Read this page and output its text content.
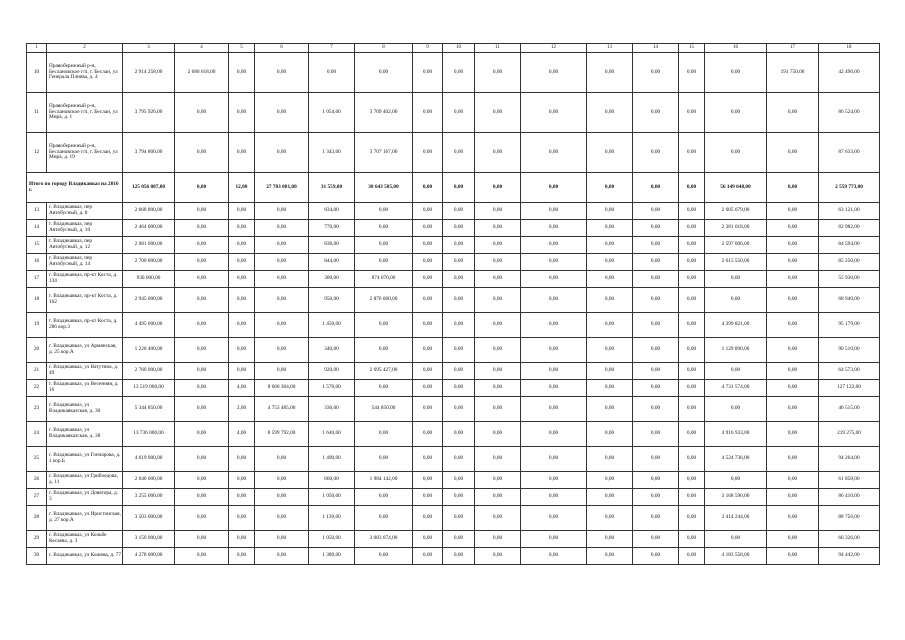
1	2	3	4	5	6	7	8	9	10	11	12	13	14	15	16	17	18
10	Правобережный р-н, Беслановское г/п, г. Беслан, ул Генерала Плиева, д. 4	2 914 258,00	2 680 618,00	0,00	0,00	0,00	0,00	0,00	0,00	0,00	0,00	0,00	0,00	0,00	0,00	191 750,00	42 490,00
11	Правобережный р-н, Беслановское г/п, г. Беслан, ул Мира, д. 1	3 795 926,00	0,00	0,00	0,00	1 054,00	3 709 402,00	0,00	0,00	0,00	0,00	0,00	0,00	0,00	0,00	0,00	86 524,00
12	Правобережный р-н, Беслановское г/п, г. Беслан, ул Мира, д. 19	3 794 800,00	0,00	0,00	0,00	1 343,00	3 707 167,00	0,00	0,00	0,00	0,00	0,00	0,00	0,00	0,00	0,00	87 633,00
Итого по городу Владикавказ на 2016 г.		125 056 087,00	0,00	12,00	27 703 081,00	31 559,00	38 643 585,00	0,00	0,00	0,00	0,00	0,00	0,00	0,00	56 149 648,00	0,00	2 559 773,00
13	г. Владикавказ, пер Автобусный, д. 8	2 668 800,00	0,00	0,00	0,00	834,00	0,00	0,00	0,00	0,00	0,00	0,00	0,00	0,00	2 605 679,00	0,00	63 121,00
14	г. Владикавказ, пер Автобусный, д. 10	2 464 000,00	0,00	0,00	0,00	770,00	0,00	0,00	0,00	0,00	0,00	0,00	0,00	0,00	2 381 018,00	0,00	82 982,00
15	г. Владикавказ, пер Автобусный, д. 12	2 681 600,00	0,00	0,00	0,00	838,00	0,00	0,00	0,00	0,00	0,00	0,00	0,00	0,00	2 597 006,00	0,00	84 594,00
16	г. Владикавказ, пер Автобусный, д. 14	2 700 800,00	0,00	0,00	0,00	844,00	0,00	0,00	0,00	0,00	0,00	0,00	0,00	0,00	2 615 550,00	0,00	85 250,00
17	г. Владикавказ, пр-кт Коста, д. 134	930 000,00	0,00	0,00	0,00	300,00	874 070,00	0,00	0,00	0,00	0,00	0,00	0,00	0,00	0,00	0,00	55 930,00
18	г. Владикавказ, пр-кт Коста, д. 162	2 945 000,00	0,00	0,00	0,00	950,00	2 876 060,00	0,00	0,00	0,00	0,00	0,00	0,00	0,00	0,00	0,00	68 940,00
19	г. Владикавказ, пр-кт Коста, д. 286 кор.3	4 495 000,00	0,00	0,00	0,00	1 450,00	0,00	0,00	0,00	0,00	0,00	0,00	0,00	0,00	4 399 821,00	0,00	95 179,00
20	г. Владикавказ, ул Армянская, д. 25 кор.А	1 220 400,00	0,00	0,00	0,00	340,00	0,00	0,00	0,00	0,00	0,00	0,00	0,00	0,00	1 129 890,00	0,00	90 510,00
21	г. Владикавказ, ул Ватутина, д. 49	2 760 000,00	0,00	0,00	0,00	920,00	2 695 427,00	0,00	0,00	0,00	0,00	0,00	0,00	0,00	0,00	0,00	64 573,00
22	г. Владикавказ, ул Весенняя, д. 16	13 519 000,00	0,00	4,00	8 660 304,00	1 570,00	0,00	0,00	0,00	0,00	0,00	0,00	0,00	0,00	4 731 574,00	0,00	127 122,00
23	г. Владикавказ, ул Владикавказская, д. 30	5 344 850,00	0,00	2,00	4 753 485,00	336,00	544 850,00	0,00	0,00	0,00	0,00	0,00	0,00	0,00	0,00	0,00	46 515,00
24	г. Владикавказ, ул Владикавказская, д. 38	13 736 000,00	0,00	4,00	8 599 792,00	1 640,00	0,00	0,00	0,00	0,00	0,00	0,00	0,00	0,00	4 916 933,00	0,00	219 275,00
25	г. Владикавказ, ул Гончарова, д. 1 кор.Б	4 619 000,00	0,00	0,00	0,00	1 490,00	0,00	0,00	0,00	0,00	0,00	0,00	0,00	0,00	4 524 736,00	0,00	94 264,00
26	г. Владикавказ, ул Грибоедова, д. 11	2 046 000,00	0,00	0,00	0,00	660,00	1 984 142,00	0,00	0,00	0,00	0,00	0,00	0,00	0,00	0,00	0,00	61 858,00
27	г. Владикавказ, ул Доватора, д. 3	3 255 000,00	0,00	0,00	0,00	1 050,00	0,00	0,00	0,00	0,00	0,00	0,00	0,00	0,00	3 168 590,00	0,00	86 410,00
28	г. Владикавказ, ул Иристонская, д. 27 кор.А	3 503 000,00	0,00	0,00	0,00	1 130,00	0,00	0,00	0,00	0,00	0,00	0,00	0,00	0,00	3 414 244,00	0,00	88 756,00
29	г. Владикавказ, ул Кольбе Кесаева, д. 3	3 150 000,00	0,00	0,00	0,00	1 050,00	3 083 674,00	0,00	0,00	0,00	0,00	0,00	0,00	0,00	0,00	0,00	66 326,00
30	г. Владикавказ, ул Кошева, д. 77	4 278 000,00	0,00	0,00	0,00	1 380,00	0,00	0,00	0,00	0,00	0,00	0,00	0,00	0,00	4 183 558,00	0,00	94 442,00
